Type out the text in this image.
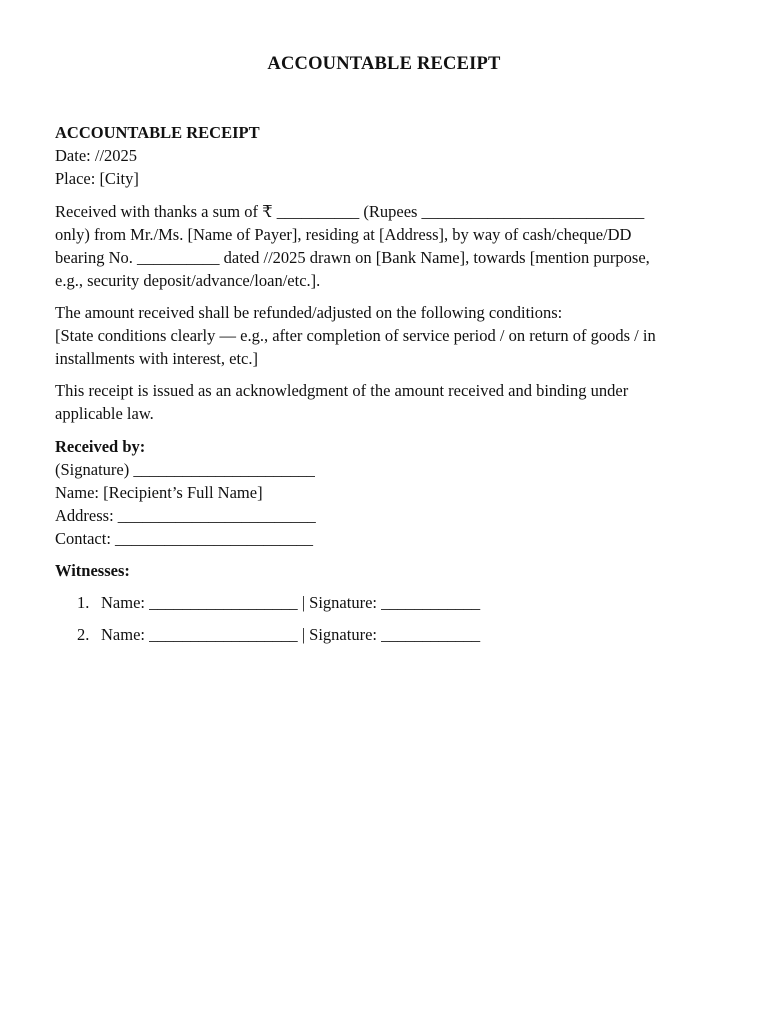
ACCOUNTABLE RECEIPT
ACCOUNTABLE RECEIPT
Date: //2025
Place: [City]

Received with thanks a sum of ₹ __________ (Rupees ___________________________
only) from Mr./Ms. [Name of Payer], residing at [Address], by way of cash/cheque/DD
bearing No. __________ dated //2025 drawn on [Bank Name], towards [mention purpose,
e.g., security deposit/advance/loan/etc.].

The amount received shall be refunded/adjusted on the following conditions:
[State conditions clearly — e.g., after completion of service period / on return of goods / in
installments with interest, etc.]

This receipt is issued as an acknowledgment of the amount received and binding under
applicable law.

Received by:
(Signature) ______________________
Name: [Recipient’s Full Name]
Address: ________________________
Contact: ________________________
Witnesses:
1. Name: __________________ | Signature: ____________
2. Name: __________________ | Signature: ____________
